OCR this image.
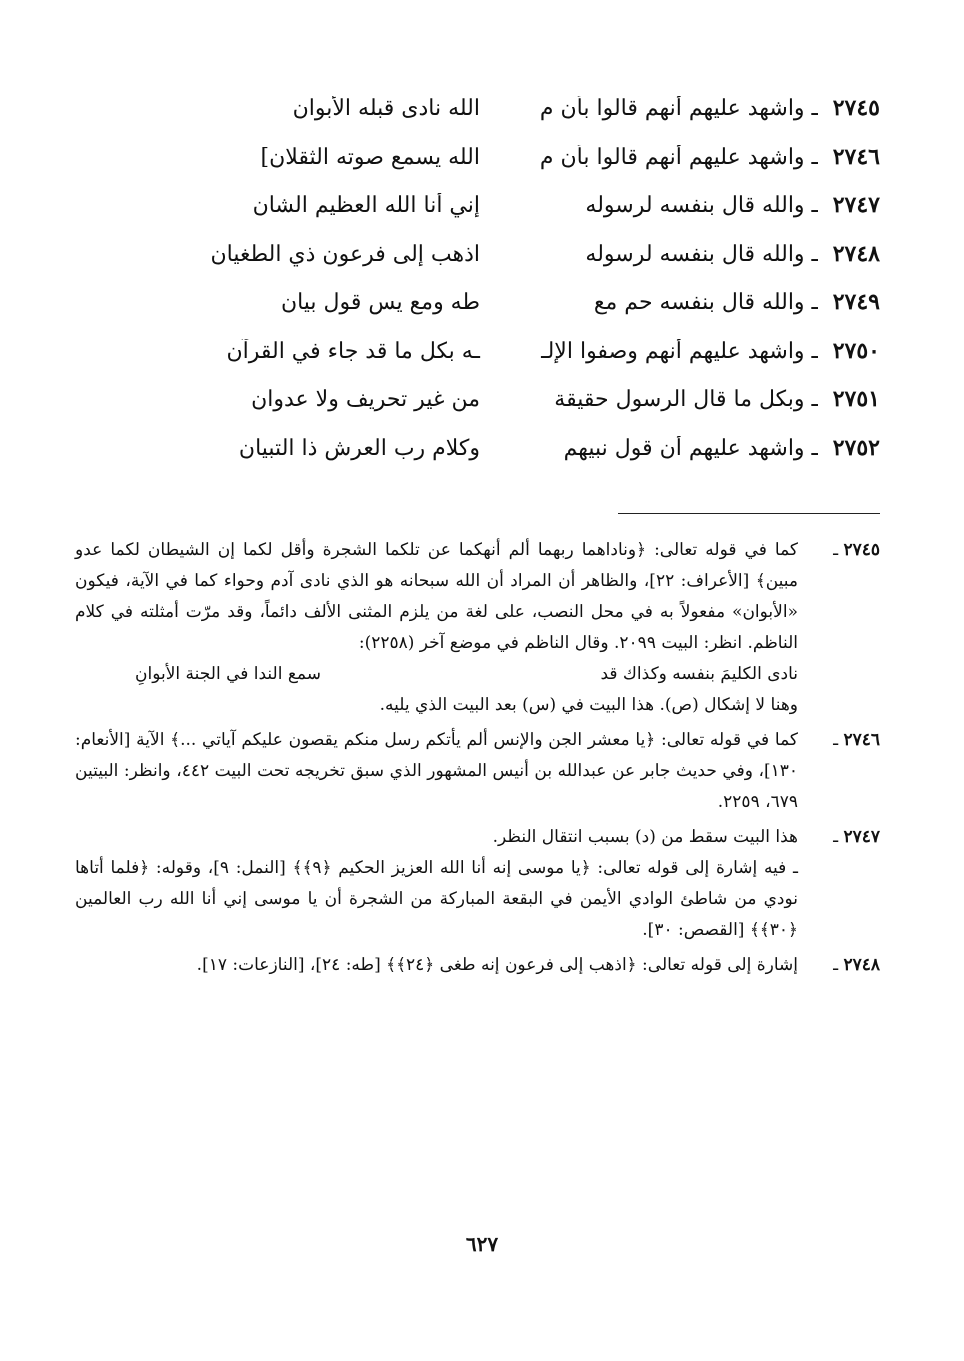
٢٧٤٥
ـ واشهد عليهم أنهم قالوا بأن م
الله نادى قبله الأبوان
٢٧٤٦
ـ واشهد عليهم أنهم قالوا بأن م
الله يسمع صوته الثقلان]
٢٧٤٧
ـ والله قال بنفسه لرسوله
إني أنا الله العظيم الشان
٢٧٤٨
ـ والله قال بنفسه لرسوله
اذهب إلى فرعون ذي الطغيان
٢٧٤٩
ـ والله قال بنفسه حم مع
طه ومع يس قول بيان
٢٧٥٠
ـ واشهد عليهم أنهم وصفوا الإلـ
ـه بكل ما قد جاء في القرآن
٢٧٥١
ـ وبكل ما قال الرسول حقيقة
من غير تحريف ولا عدوان
٢٧٥٢
ـ واشهد عليهم أن قول نبيهم
وكلام رب العرش ذا التبيان
٢٧٤٥ ـ
كما في قوله تعالى: ﴿وناداهما ربهما ألم أنهكما عن تلكما الشجرة وأقل لكما إن الشيطان لكما عدو مبين﴾ [الأعراف: ٢٢]، والظاهر أن المراد أن الله سبحانه هو الذي نادى آدم وحواء كما في الآية، فيكون «الأبوان» مفعولاً به في محل النصب، على لغة من يلزم المثنى الألف دائماً، وقد مرّت أمثلته في كلام الناظم. انظر: البيت ٢٠٩٩. وقال الناظم في موضع آخر (٢٢٥٨):
نادى الكليمَ بنفسه وكذاك قد
سمع الندا في الجنة الأبوانِ
وهنا لا إشكال (ص). هذا البيت في (س) بعد البيت الذي يليه.
٢٧٤٦ ـ
كما في قوله تعالى: ﴿يا معشر الجن والإنس ألم يأتكم رسل منكم يقصون عليكم آياتي ...﴾ الآية [الأنعام: ١٣٠]، وفي حديث جابر عن عبدالله بن أنيس المشهور الذي سبق تخريجه تحت البيت ٤٤٢، وانظر: البيتين ٦٧٩، ٢٢٥٩.
٢٧٤٧ ـ
هذا البيت سقط من (د) بسبب انتقال النظر.
ـ فيه إشارة إلى قوله تعالى: ﴿يا موسى إنه أنا الله العزيز الحكيم ﴿٩﴾﴾ [النمل: ٩]، وقوله: ﴿فلما أتاها نودي من شاطئ الوادي الأيمن في البقعة المباركة من الشجرة أن يا موسى إني أنا الله رب العالمين ﴿٣٠﴾﴾ [القصص: ٣٠].
٢٧٤٨ ـ
إشارة إلى قوله تعالى: ﴿اذهب إلى فرعون إنه طغى ﴿٢٤﴾﴾ [طه: ٢٤]، [النازعات: ١٧].
٦٢٧
